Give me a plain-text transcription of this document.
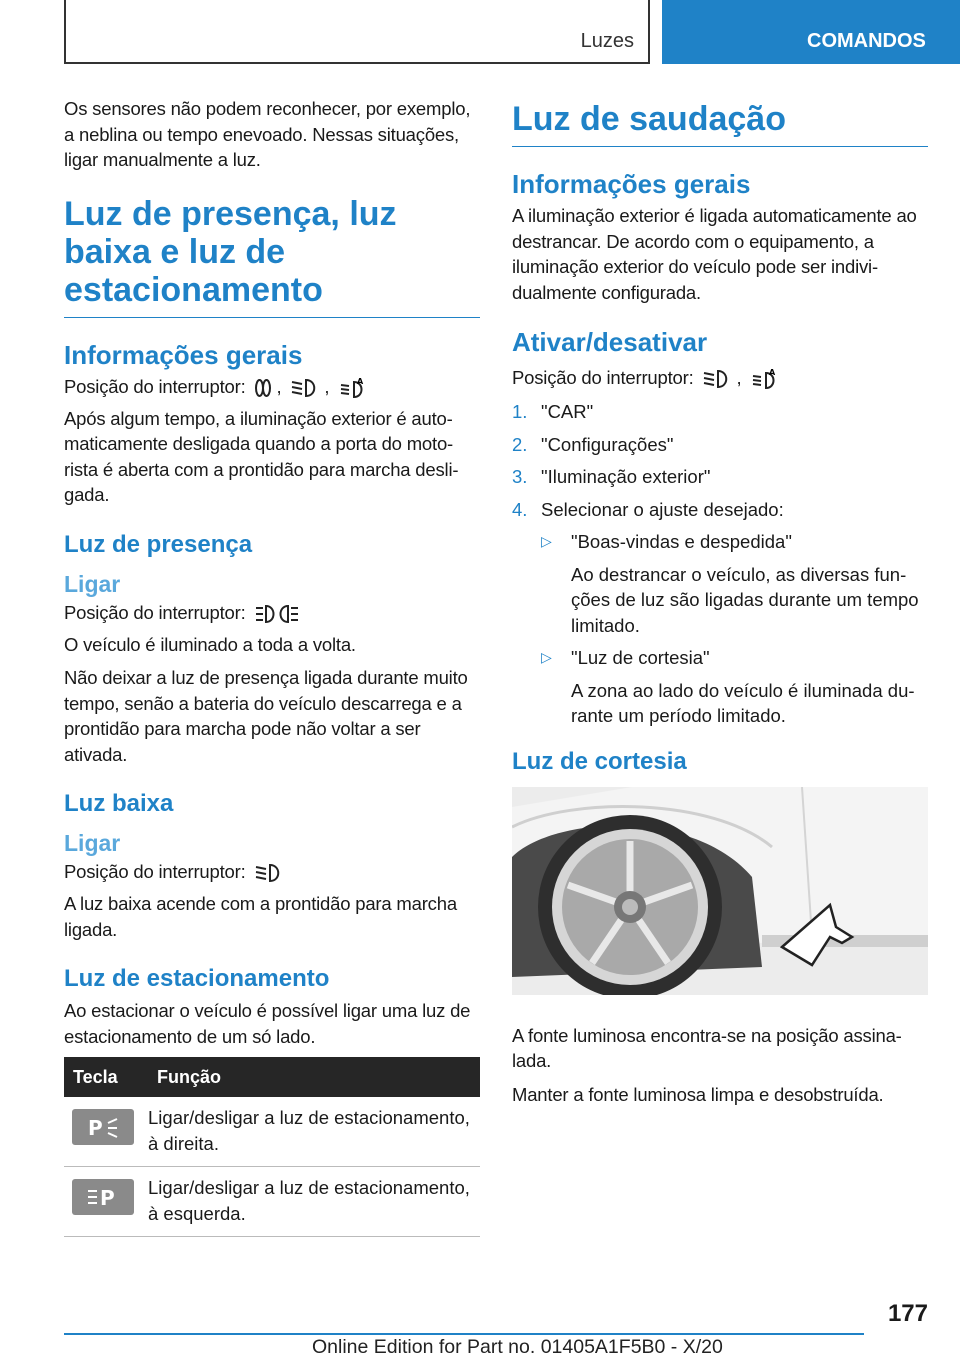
Luzes	COMANDOS

Os sensores não podem reconhecer, por exemplo, a neblina ou tempo enevoado. Nessas situações, ligar manualmente a luz.

Luz de presença, luz baixa e luz de estacionamento
Informações gerais

Posição do interruptor: , ,	A

Após algum tempo, a iluminação exterior é automaticamente desligada quando a porta do motorista é aberta com a prontidão para marcha desligada.

Luz de presença
Ligar

Posição do interruptor:

O veículo é iluminado a toda a volta.

Não deixar a luz de presença ligada durante muito tempo, senão a bateria do veículo descarrega e a prontidão para marcha pode não voltar a ser ativada.

Luz baixa
Ligar

Posição do interruptor:

A luz baixa acende com a prontidão para marcha ligada.

Luz de estacionamento

Ao estacionar o veículo é possível ligar uma luz de estacionamento de um só lado.

Tecla	Função

P	Ligar/desligar a luz de estacionamento, à direita.

P	Ligar/desligar a luz de estacionamento, à esquerda.
Luz de saudação
Informações gerais

A iluminação exterior é ligada automaticamente ao destrancar. De acordo com o equipamento, a iluminação exterior do veículo pode ser individualmente configurada.

Ativar/desativar

Posição do interruptor: ,	A

1. "CAR"
2. "Configurações"
3. "Iluminação exterior"
4. Selecionar o ajuste desejado:
▷ "Boas-vindas e despedida"
Ao destrancar o veículo, as diversas funções de luz são ligadas durante um tempo limitado.
▷ "Luz de cortesia"
A zona ao lado do veículo é iluminada durante um período limitado.
Luz de cortesia

A fonte luminosa encontra-se na posição assinalada.

Manter a fonte luminosa limpa e desobstruída.

177
Online Edition for Part no. 01405A1F5B0 - X/20
